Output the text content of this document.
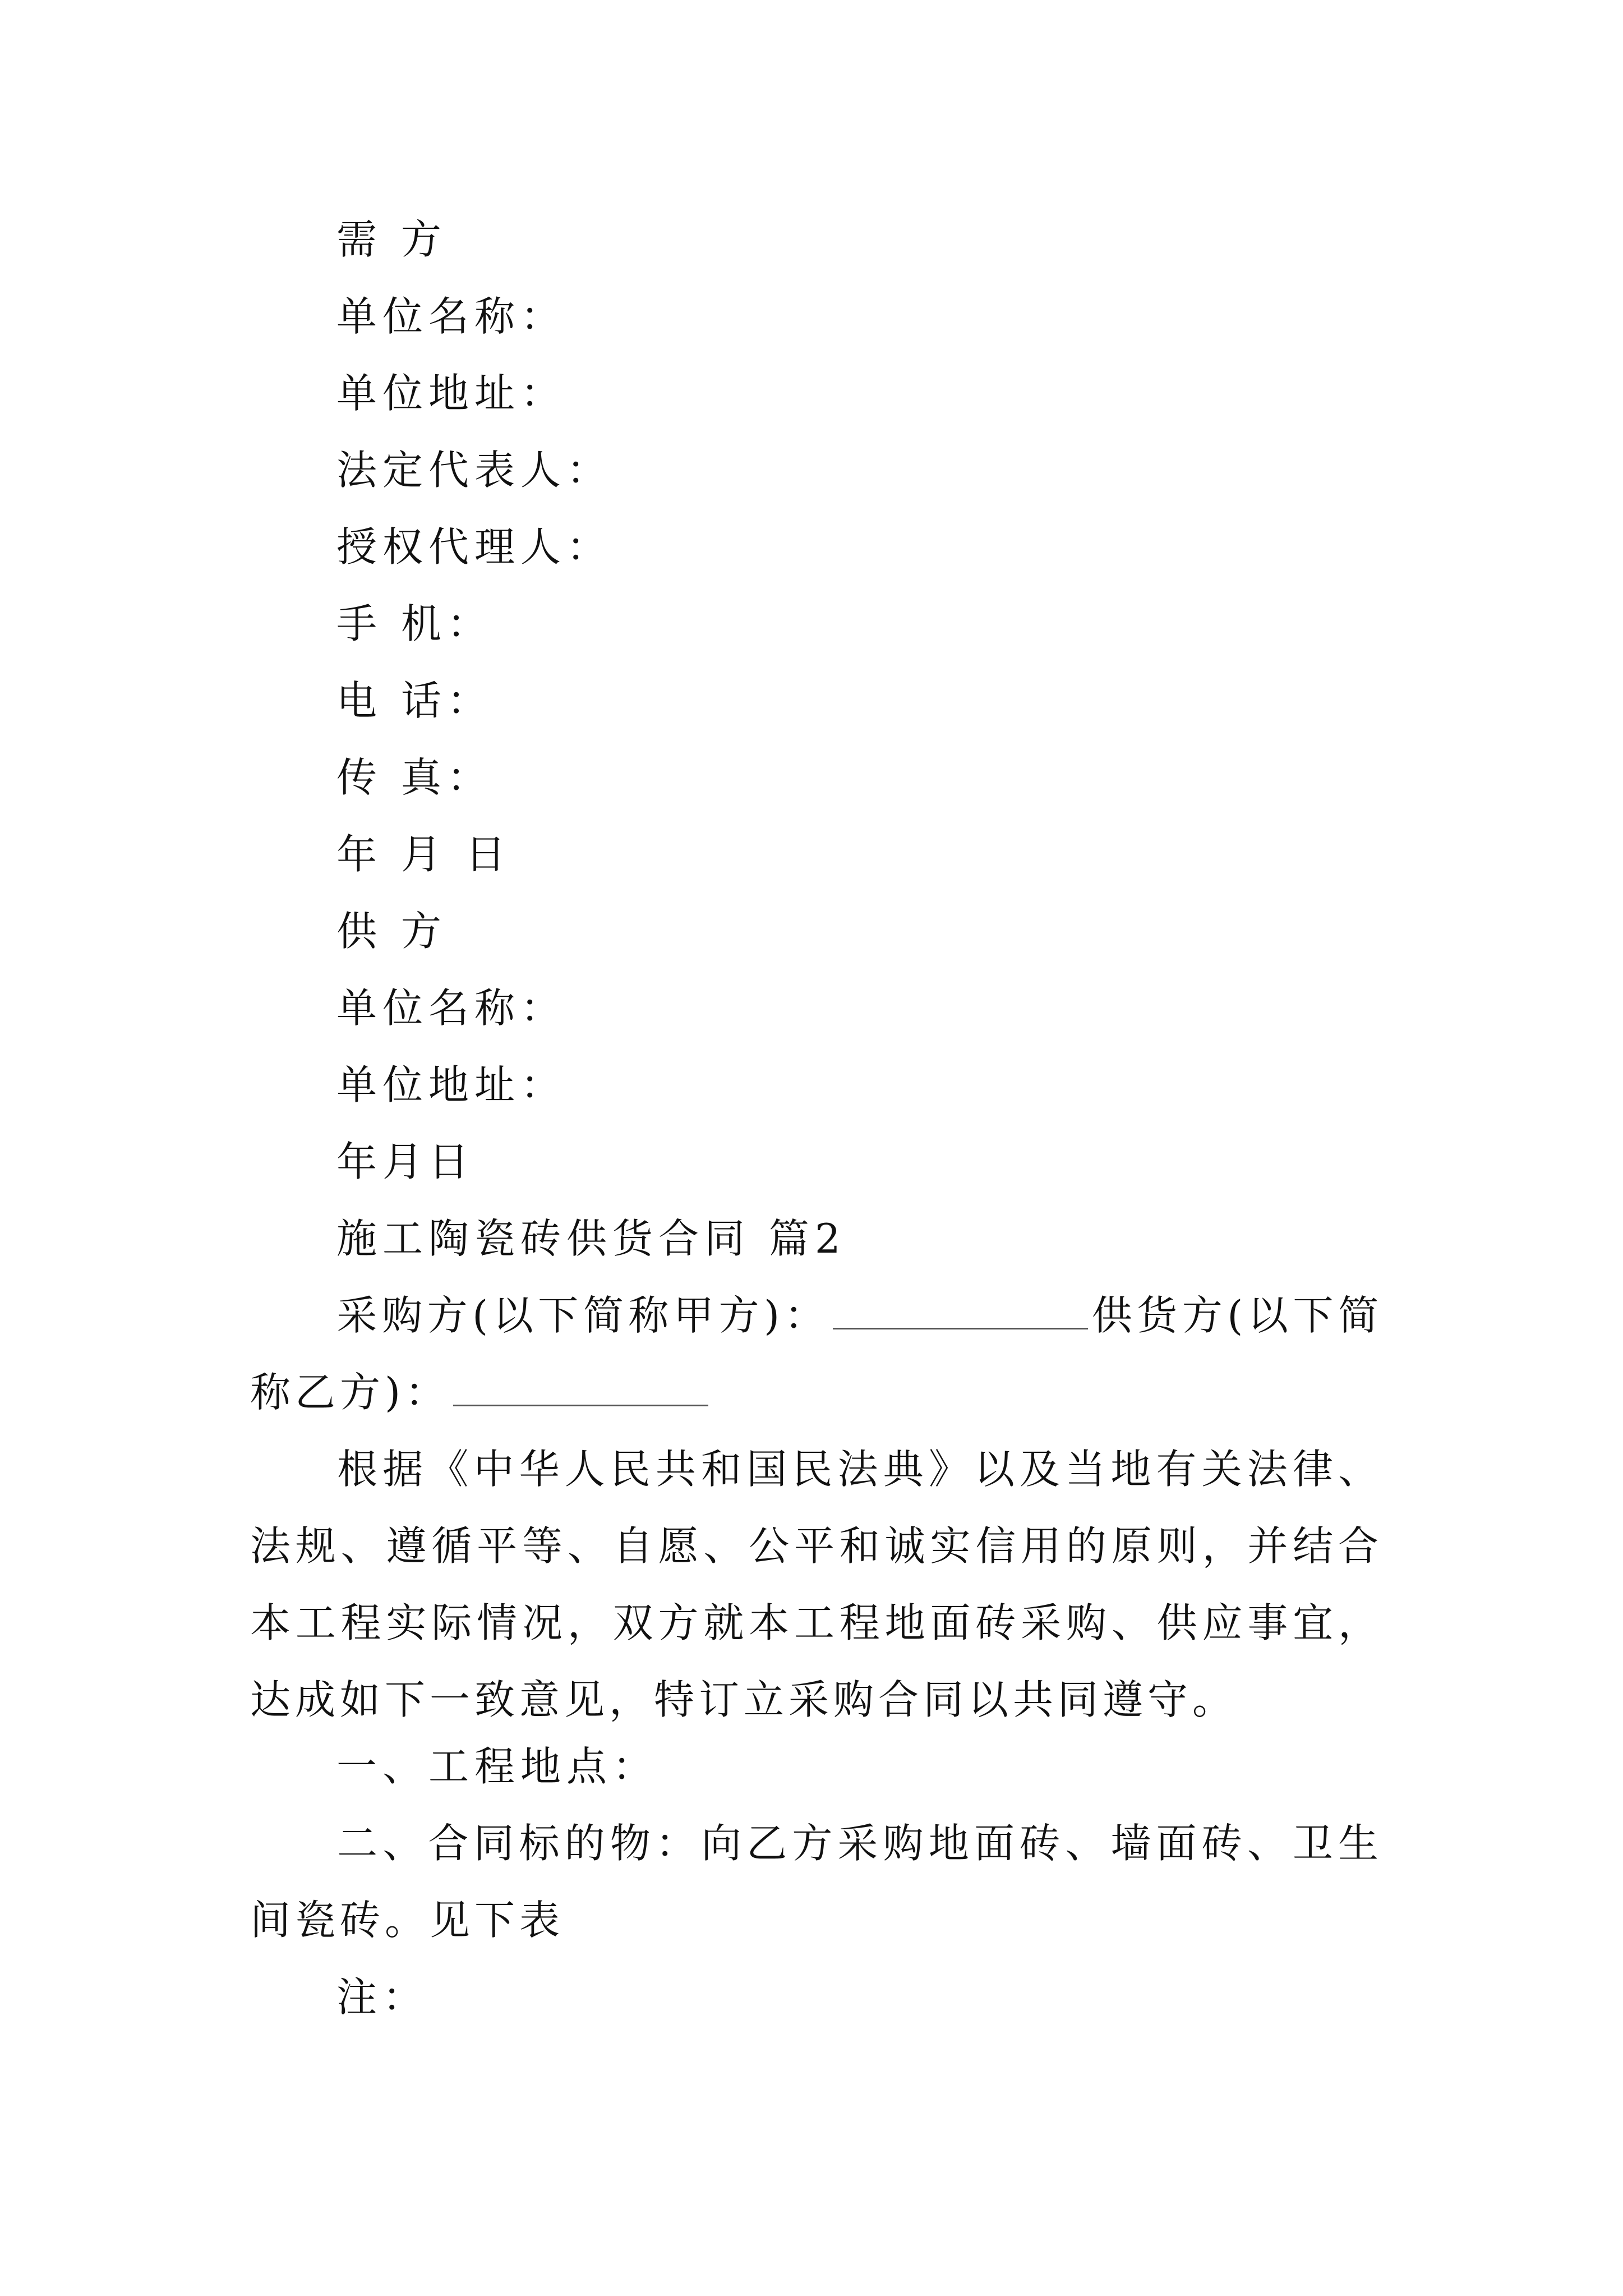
需 方
单位名称：
单位地址：
法定代表人：
授权代理人：
手 机：
电 话：
传 真：
年 月 日
供 方
单位名称：
单位地址：
年月日
施工陶瓷砖供货合同 篇2
采购方(以下简称甲方)：	供货方(以下简称乙方)：
根据《中华人民共和国民法典》以及当地有关法律、法规、遵循平等、自愿、公平和诚实信用的原则，并结合本工程实际情况，双方就本工程地面砖采购、供应事宜，达成如下一致意见，特订立采购合同以共同遵守。
一、工程地点：
二、合同标的物：向乙方采购地面砖、墙面砖、卫生间瓷砖。见下表
注：
